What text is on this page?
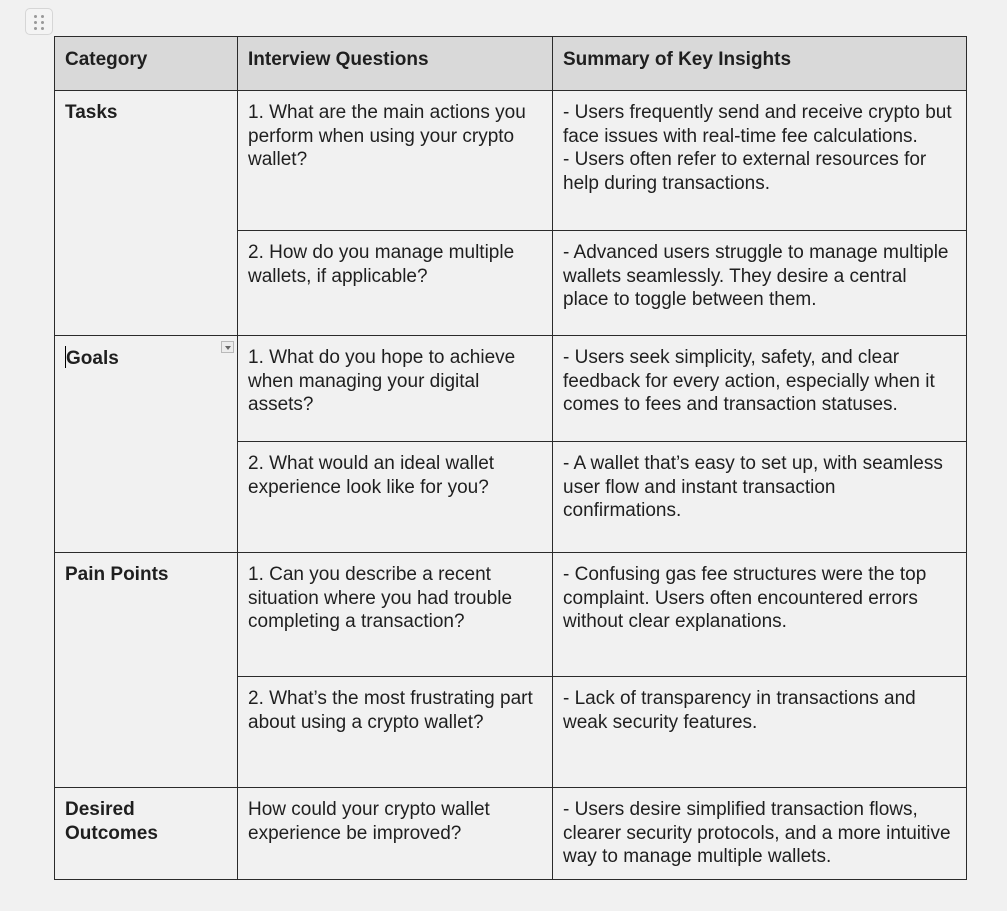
Category	Interview Questions	Summary of Key Insights
Tasks	1. What are the main actions you perform when using your crypto wallet?	- Users frequently send and receive crypto but face issues with real-time fee calculations.
- Users often refer to external resources for help during transactions.

	2. How do you manage multiple wallets, if applicable?	- Advanced users struggle to manage multiple wallets seamlessly. They desire a central place to toggle between them.

Goals	1. What do you hope to achieve when managing your digital assets?	- Users seek simplicity, safety, and clear feedback for every action, especially when it comes to fees and transaction statuses.

	2. What would an ideal wallet experience look like for you?	- A wallet that’s easy to set up, with seamless user flow and instant transaction confirmations.

Pain Points	1. Can you describe a recent situation where you had trouble completing a transaction?	- Confusing gas fee structures were the top complaint. Users often encountered errors without clear explanations.

	2. What’s the most frustrating part about using a crypto wallet?	- Lack of transparency in transactions and weak security features.

Desired Outcomes	How could your crypto wallet experience be improved?	- Users desire simplified transaction flows, clearer security protocols, and a more intuitive way to manage multiple wallets.
